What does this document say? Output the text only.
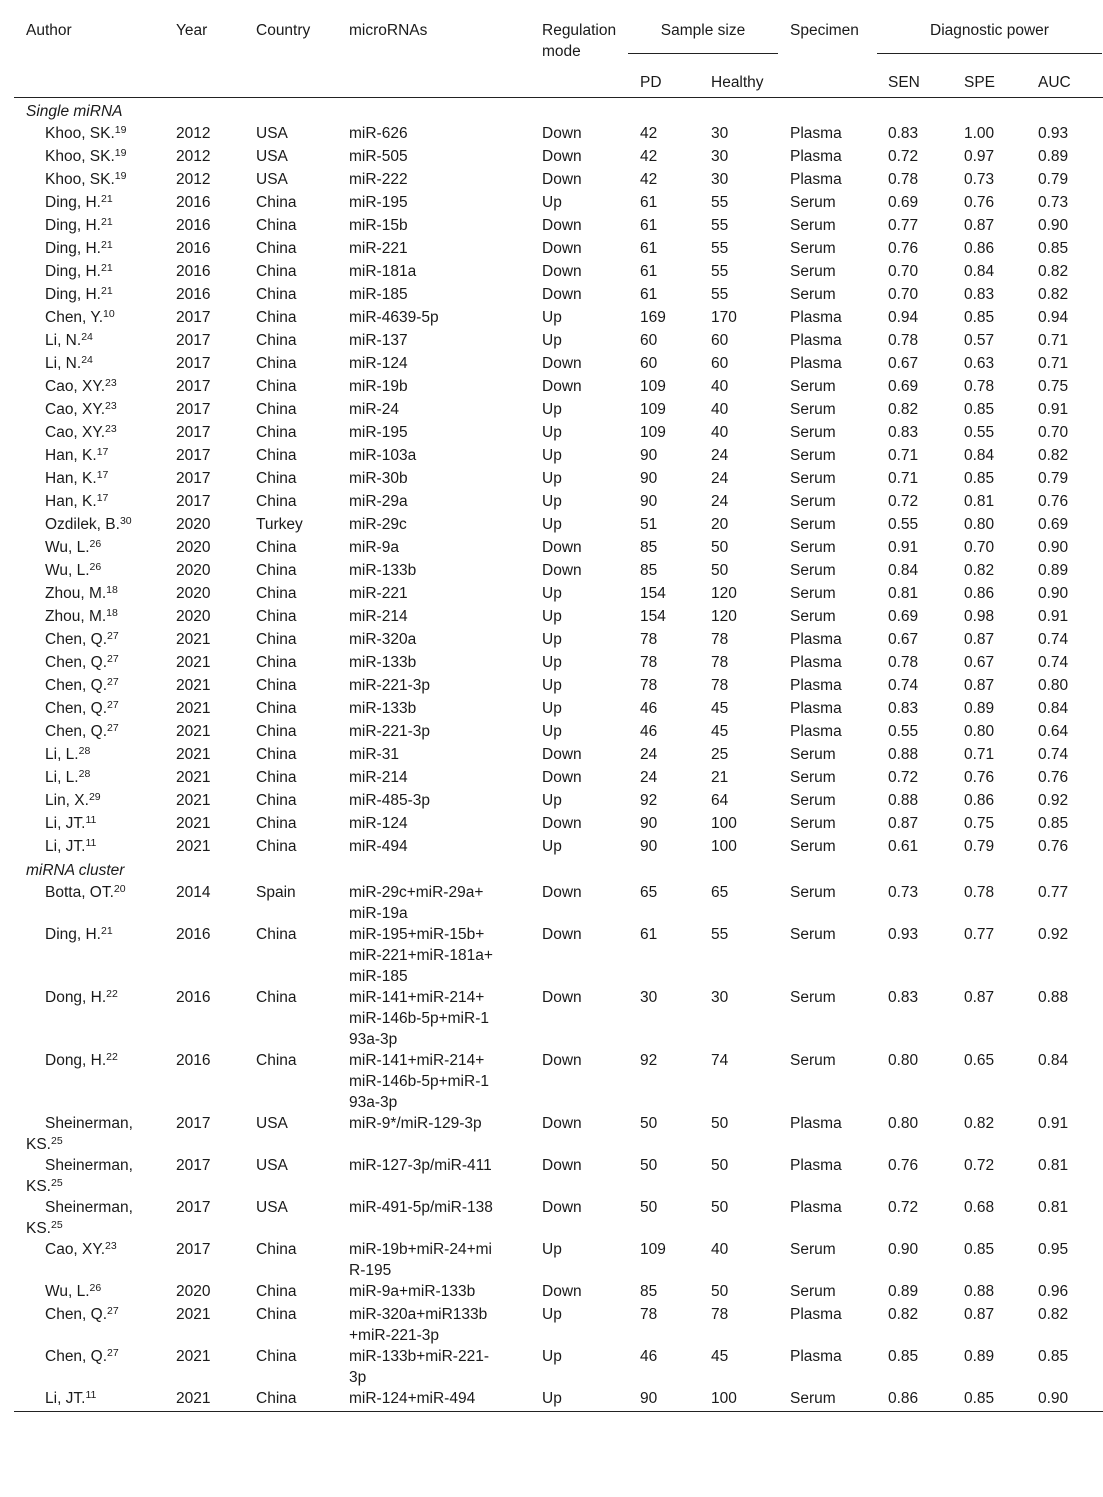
Author	Year	Country	microRNAs	Regulation mode	Sample size		Specimen	Diagnostic power		
					PD	Healthy		SEN	SPE	AUC
Single miRNA										
Khoo, SK.$^{19}$	2012	USA	miR-626	Down	42	30	Plasma	0.83	1.00	0.93
Khoo, SK.$^{19}$	2012	USA	miR-505	Down	42	30	Plasma	0.72	0.97	0.89
Khoo, SK.$^{19}$	2012	USA	miR-222	Down	42	30	Plasma	0.78	0.73	0.79
Ding, H.$^{21}$	2016	China	miR-195	Up	61	55	Serum	0.69	0.76	0.73
Ding, H.$^{21}$	2016	China	miR-15b	Down	61	55	Serum	0.77	0.87	0.90
Ding, H.$^{21}$	2016	China	miR-221	Down	61	55	Serum	0.76	0.86	0.85
Ding, H.$^{21}$	2016	China	miR-181a	Down	61	55	Serum	0.70	0.84	0.82
Ding, H.$^{21}$	2016	China	miR-185	Down	61	55	Serum	0.70	0.83	0.82
Chen, Y.$^{10}$	2017	China	miR-4639-5p	Up	169	170	Plasma	0.94	0.85	0.94
Li, N.$^{24}$	2017	China	miR-137	Up	60	60	Plasma	0.78	0.57	0.71
Li, N.$^{24}$	2017	China	miR-124	Down	60	60	Plasma	0.67	0.63	0.71
Cao, XY.$^{23}$	2017	China	miR-19b	Down	109	40	Serum	0.69	0.78	0.75
Cao, XY.$^{23}$	2017	China	miR-24	Up	109	40	Serum	0.82	0.85	0.91
Cao, XY.$^{23}$	2017	China	miR-195	Up	109	40	Serum	0.83	0.55	0.70
Han, K.$^{17}$	2017	China	miR-103a	Up	90	24	Serum	0.71	0.84	0.82
Han, K.$^{17}$	2017	China	miR-30b	Up	90	24	Serum	0.71	0.85	0.79
Han, K.$^{17}$	2017	China	miR-29a	Up	90	24	Serum	0.72	0.81	0.76
Ozdilek, B.$^{30}$	2020	Turkey	miR-29c	Up	51	20	Serum	0.55	0.80	0.69
Wu, L.$^{26}$	2020	China	miR-9a	Down	85	50	Serum	0.91	0.70	0.90
Wu, L.$^{26}$	2020	China	miR-133b	Down	85	50	Serum	0.84	0.82	0.89
Zhou, M.$^{18}$	2020	China	miR-221	Up	154	120	Serum	0.81	0.86	0.90
Zhou, M.$^{18}$	2020	China	miR-214	Up	154	120	Serum	0.69	0.98	0.91
Chen, Q.$^{27}$	2021	China	miR-320a	Up	78	78	Plasma	0.67	0.87	0.74
Chen, Q.$^{27}$	2021	China	miR-133b	Up	78	78	Plasma	0.78	0.67	0.74
Chen, Q.$^{27}$	2021	China	miR-221-3p	Up	78	78	Plasma	0.74	0.87	0.80
Chen, Q.$^{27}$	2021	China	miR-133b	Up	46	45	Plasma	0.83	0.89	0.84
Chen, Q.$^{27}$	2021	China	miR-221-3p	Up	46	45	Plasma	0.55	0.80	0.64
Li, L.$^{28}$	2021	China	miR-31	Down	24	25	Serum	0.88	0.71	0.74
Li, L.$^{28}$	2021	China	miR-214	Down	24	21	Serum	0.72	0.76	0.76
Lin, X.$^{29}$	2021	China	miR-485-3p	Up	92	64	Serum	0.88	0.86	0.92
Li, JT.$^{11}$	2021	China	miR-124	Down	90	100	Serum	0.87	0.75	0.85
Li, JT.$^{11}$	2021	China	miR-494	Up	90	100	Serum	0.61	0.79	0.76
miRNA cluster										
Botta, OT.$^{20}$	2014	Spain	miR-29c+miR-29a+miR-19a	Down	65	65	Serum	0.73	0.78	0.77
Ding, H.$^{21}$	2016	China	miR-195+miR-15b+miR-221+miR-181a+miR-185	Down	61	55	Serum	0.93	0.77	0.92
Dong, H.$^{22}$	2016	China	miR-141+miR-214+miR-146b-5p+miR-193a-3p	Down	30	30	Serum	0.83	0.87	0.88
Dong, H.$^{22}$	2016	China	miR-141+miR-214+miR-146b-5p+miR-193a-3p	Down	92	74	Serum	0.80	0.65	0.84
Sheinerman, KS.$^{25}$	2017	USA	miR-9*/miR-129-3p	Down	50	50	Plasma	0.80	0.82	0.91
Sheinerman, KS.$^{25}$	2017	USA	miR-127-3p/miR-411	Down	50	50	Plasma	0.76	0.72	0.81
Sheinerman, KS.$^{25}$	2017	USA	miR-491-5p/miR-138	Down	50	50	Plasma	0.72	0.68	0.81
Cao, XY.$^{23}$	2017	China	miR-19b+miR-24+miR-195	Up	109	40	Serum	0.90	0.85	0.95
Wu, L.$^{26}$	2020	China	miR-9a+miR-133b	Down	85	50	Serum	0.89	0.88	0.96
Chen, Q.$^{27}$	2021	China	miR-320a+miR133b+miR-221-3p	Up	78	78	Plasma	0.82	0.87	0.82
Chen, Q.$^{27}$	2021	China	miR-133b+miR-221-3p	Up	46	45	Plasma	0.85	0.89	0.85
Li, JT.$^{11}$	2021	China	miR-124+miR-494	Up	90	100	Serum	0.86	0.85	0.90
